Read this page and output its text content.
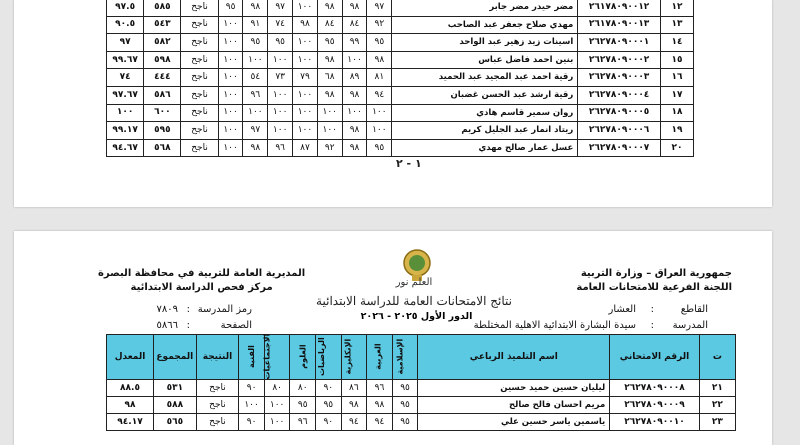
١٢	٢٦١٧٨٠٩٠٠١٢	مضر حيدر مضر جابر	٩٧	٩٨	٩٨	١٠٠	٩٧	٩٨	٩٥	ناجح	٥٨٥	٩٧.٥
١٣	٢٦١٧٨٠٩٠٠١٣	مهدي صلاح جعفر عبد الصاحب	٩٢	٨٤	٨٤	٩٨	٧٤	٩١	١٠٠	ناجح	٥٤٣	٩٠.٥
١٤	٢٦٢٧٨٠٩٠٠٠١	اسينات زيد زهير عبد الواحد	٩٥	٩٩	٩٥	١٠٠	٩٥	٩٥	١٠٠	ناجح	٥٨٢	٩٧
١٥	٢٦٢٧٨٠٩٠٠٠٢	بنين احمد فاضل عباس	٩٨	١٠٠	٩٨	١٠٠	١٠٠	١٠٠	١٠٠	ناجح	٥٩٨	٩٩.٦٧
١٦	٢٦٢٧٨٠٩٠٠٠٣	رقية احمد عبد المجيد عبد الحميد	٨١	٨٩	٦٨	٧٩	٧٣	٥٤	١٠٠	ناجح	٤٤٤	٧٤
١٧	٢٦٢٧٨٠٩٠٠٠٤	رقية ارشد عبد الحسن غضبان	٩٤	٩٨	٩٨	١٠٠	١٠٠	٩٦	١٠٠	ناجح	٥٨٦	٩٧.٦٧
١٨	٢٦٢٧٨٠٩٠٠٠٥	روان سمير قاسم هادي	١٠٠	١٠٠	١٠٠	١٠٠	١٠٠	١٠٠	١٠٠	ناجح	٦٠٠	١٠٠
١٩	٢٦٢٧٨٠٩٠٠٠٦	ريتاد انمار عبد الجليل كريم	١٠٠	٩٨	١٠٠	١٠٠	١٠٠	٩٧	١٠٠	ناجح	٥٩٥	٩٩.١٧
٢٠	٢٦٢٧٨٠٩٠٠٠٧	عسل عمار صالح مهدي	٩٥	٩٨	٩٢	٨٧	٩٦	٩٨	١٠٠	ناجح	٥٦٨	٩٤.٦٧
١ - ٢
جمهورية العراق – وزارة التربية
اللجنة الفرعية للامتحانات العامة
المديرية العامة للتربية في محافظة البصرة
مركز فحص الدراسة الابتدائية	العلم نور
نتائج الامتحانات العامة للدراسة الابتدائية
الدور الأول ٢٠٢٥ - ٢٠٢٦
القاطع
:
العشار
المدرسة
:
سيدة البشارة الابتدائية الاهلية المختلطة
رمز المدرسة
:
٧٨٠٩
الصفحة
:
٥٨٦٦
ت	الرقم الامتحاني	اسم التلميذ الرباعي	الإسلامية	العربية	الإنكليزية	الرياضيات	العلوم	الاجتماعيات	الفنية	النتيجة	المجموع	المعدل
٢١	٢٦٢٧٨٠٩٠٠٠٨	ليليان حسين حميد حسين	٩٥	٩٦	٨٦	٩٠	٨٠	٨٠	٩٠	ناجح	٥٣١	٨٨.٥
٢٢	٢٦٢٧٨٠٩٠٠٠٩	مريم احسان فالح صالح	٩٥	٩٨	٩٨	٩٥	٩٥	١٠٠	١٠٠	ناجح	٥٨٨	٩٨
٢٣	٢٦٢٧٨٠٩٠٠١٠	ياسمين ياسر حسين علي	٩٥	٩٤	٩٤	٩٠	٩٦	١٠٠	٩٠	ناجح	٥٦٥	٩٤.١٧
